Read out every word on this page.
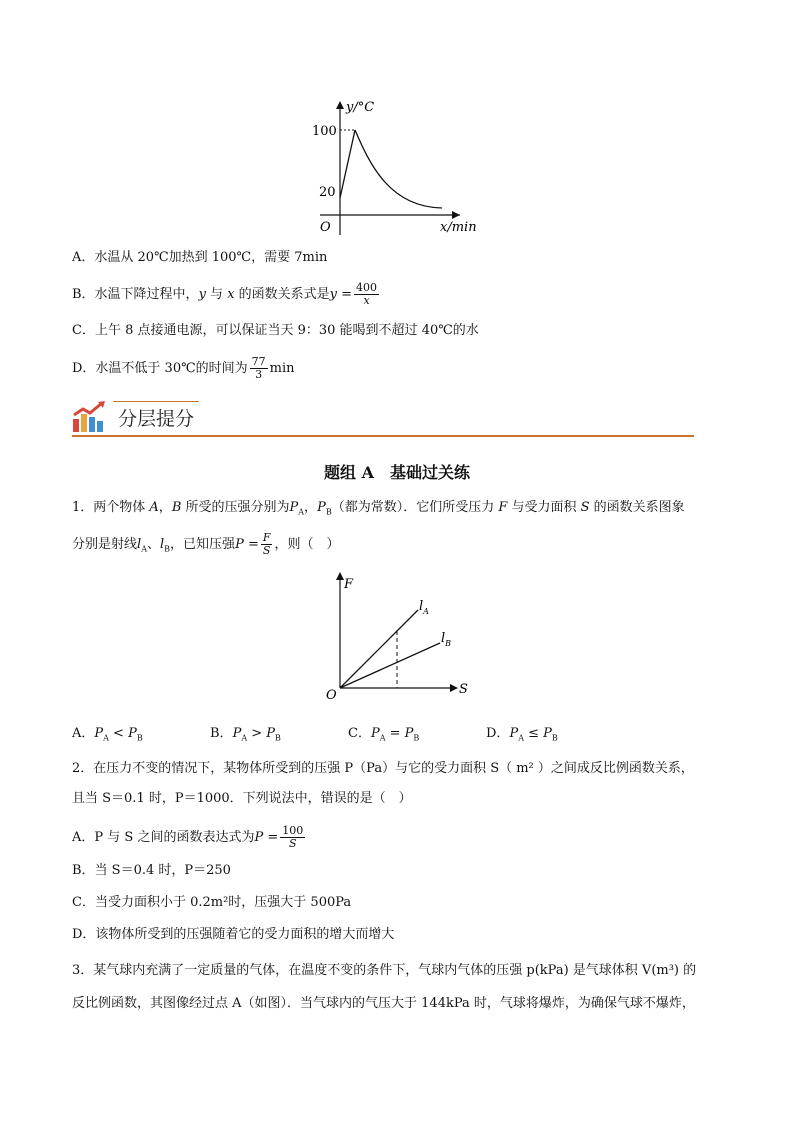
y/°C
x/min
O
100
20
A．水温从 20℃加热到 100℃，需要 7min
B．水温下降过程中，y 与 x 的函数关系式是$y = \frac{400}{x}$
C．上午 8 点接通电源，可以保证当天 9：30 能喝到不超过 40℃的水
D．水温不低于 30℃的时间为 $\frac{77}{3}$ min
分层提分
题组 A　基础过关练
1．两个物体 A，B 所受的压强分别为$P_A$，$P_B$（都为常数）．它们所受压力 F 与受力面积 S 的函数关系图象
分别是射线$l_A$、$l_B$，已知压强$P = \frac{F}{S}$ ，则（　）
F
S
O
$l_A$
$l_B$
A．$P_A < P_B$	B．$P_A > P_B$	C．$P_A = P_B$	D．$P_A \le P_B$
2．在压力不变的情况下，某物体所受到的压强 P（Pa）与它的受力面积 S（ m² ）之间成反比例函数关系，
且当 S＝0.1 时，P＝1000．下列说法中，错误的是（　）
A．P 与 S 之间的函数表达式为$P = \frac{100}{S}$
B．当 S＝0.4 时，P＝250
C．当受力面积小于 0.2m²时，压强大于 500Pa
D．该物体所受到的压强随着它的受力面积的增大而增大
3．某气球内充满了一定质量的气体，在温度不变的条件下，气球内气体的压强 p(kPa) 是气球体积 V(m³) 的
反比例函数，其图像经过点 A（如图）．当气球内的气压大于 144kPa 时，气球将爆炸，为确保气球不爆炸，
